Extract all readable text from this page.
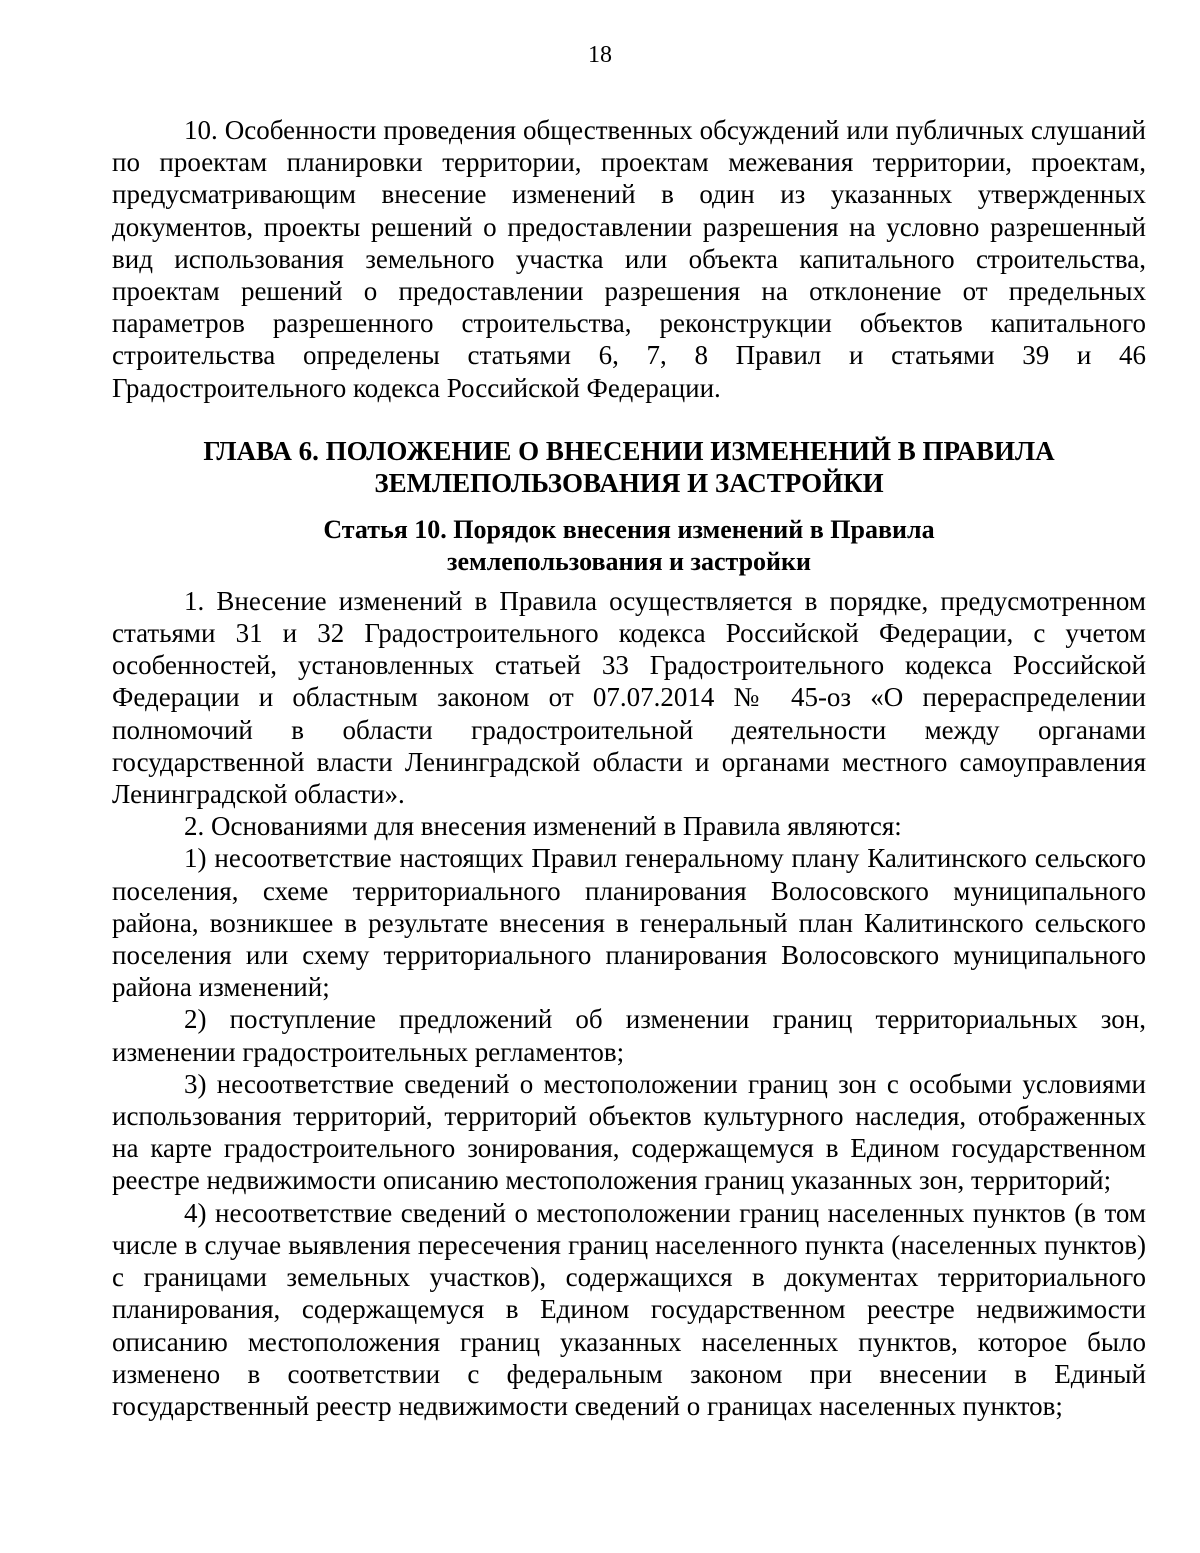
18

10. Особенности проведения общественных обсуждений или публичных слушаний по проектам планировки территории, проектам межевания территории, проектам, предусматривающим внесение изменений в один из указанных утвержденных документов, проекты решений о предоставлении разрешения на условно разрешенный вид использования земельного участка или объекта капитального строительства, проектам решений о предоставлении разрешения на отклонение от предельных параметров разрешенного строительства, реконструкции объектов капитального строительства определены статьями 6, 7, 8 Правил и статьями 39 и 46 Градостроительного кодекса Российской Федерации.

ГЛАВА 6. ПОЛОЖЕНИЕ О ВНЕСЕНИИ ИЗМЕНЕНИЙ В ПРАВИЛА
ЗЕМЛЕПОЛЬЗОВАНИЯ И ЗАСТРОЙКИ
Статья 10. Порядок внесения изменений в Правила
землепользования и застройки

1. Внесение изменений в Правила осуществляется в порядке, предусмотренном статьями 31 и 32 Градостроительного кодекса Российской Федерации, с учетом особенностей, установленных статьей 33 Градостроительного кодекса Российской Федерации и областным законом от 07.07.2014 № 45-оз «О перераспределении полномочий в области градостроительной деятельности между органами государственной власти Ленинградской области и органами местного самоуправления Ленинградской области».

2. Основаниями для внесения изменений в Правила являются:

1) несоответствие настоящих Правил генеральному плану Калитинского сельского поселения, схеме территориального планирования Волосовского муниципального района, возникшее в результате внесения в генеральный план Калитинского сельского поселения или схему территориального планирования Волосовского муниципального района изменений;

2) поступление предложений об изменении границ территориальных зон, изменении градостроительных регламентов;

3) несоответствие сведений о местоположении границ зон с особыми условиями использования территорий, территорий объектов культурного наследия, отображенных на карте градостроительного зонирования, содержащемуся в Едином государственном реестре недвижимости описанию местоположения границ указанных зон, территорий;

4) несоответствие сведений о местоположении границ населенных пунктов (в том числе в случае выявления пересечения границ населенного пункта (населенных пунктов) с границами земельных участков), содержащихся в документах территориального планирования, содержащемуся в Едином государственном реестре недвижимости описанию местоположения границ указанных населенных пунктов, которое было изменено в соответствии с федеральным законом при внесении в Единый государственный реестр недвижимости сведений о границах населенных пунктов;
